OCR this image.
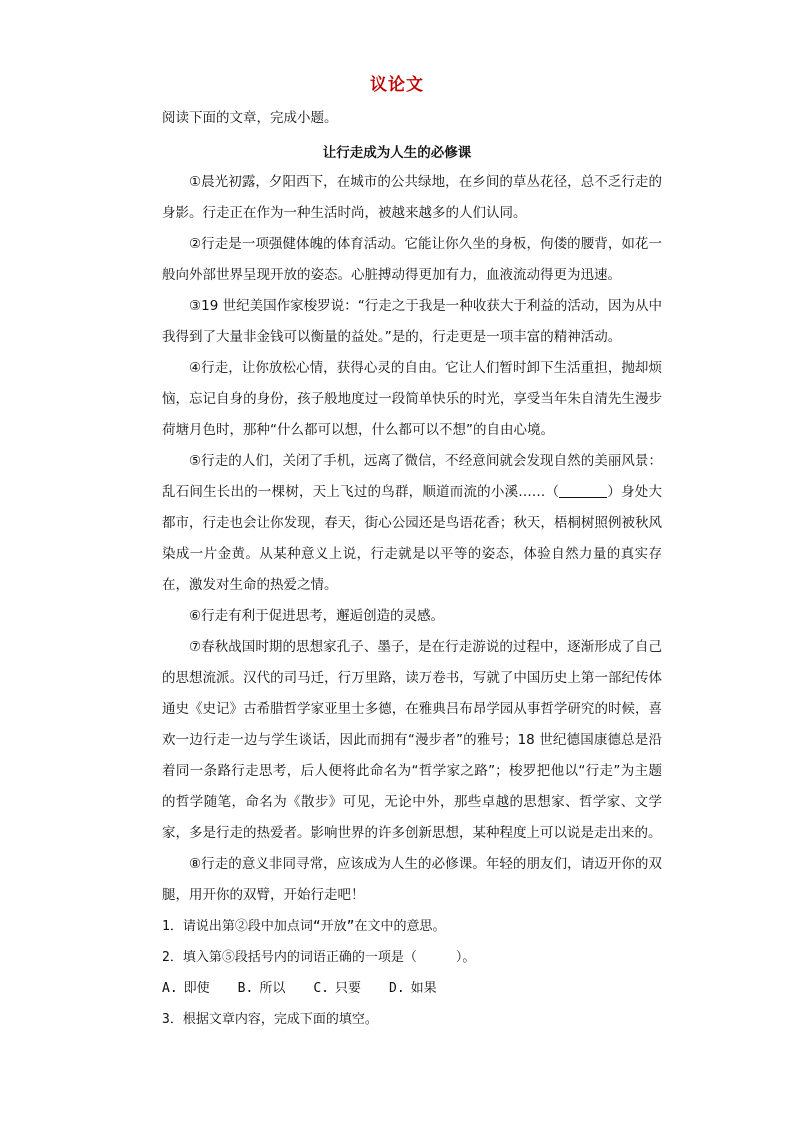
议论文
阅读下面的文章，完成小题。
让行走成为人生的必修课

①晨光初露，夕阳西下，在城市的公共绿地，在乡间的草丛花径，总不乏行走的身影。行走正在作为一种生活时尚，被越来越多的人们认同。

②行走是一项强健体魄的体育活动。它能让你久坐的身板，佝偻的腰背，如花一般向外部世界呈现开放的姿态。心脏搏动得更加有力，血液流动得更为迅速。

③19 世纪美国作家梭罗说：“行走之于我是一种收获大于利益的活动，因为从中我得到了大量非金钱可以衡量的益处。”是的，行走更是一项丰富的精神活动。

④行走，让你放松心情，获得心灵的自由。它让人们暂时卸下生活重担，抛却烦恼，忘记自身的身份，孩子般地度过一段简单快乐的时光，享受当年朱自清先生漫步荷塘月色时，那种“什么都可以想，什么都可以不想”的自由心境。

⑤行走的人们，关闭了手机，远离了微信，不经意间就会发现自然的美丽风景：乱石间生长出的一棵树，天上飞过的鸟群，顺道而流的小溪……（	）身处大都市，行走也会让你发现，春天，街心公园还是鸟语花香；秋天，梧桐树照例被秋风染成一片金黄。从某种意义上说，行走就是以平等的姿态，体验自然力量的真实存在，激发对生命的热爱之情。

⑥行走有利于促进思考，邂逅创造的灵感。

⑦春秋战国时期的思想家孔子、墨子，是在行走游说的过程中，逐渐形成了自己的思想流派。汉代的司马迁，行万里路，读万卷书，写就了中国历史上第一部纪传体通史《史记》古希腊哲学家亚里士多德，在雅典吕布昂学园从事哲学研究的时候，喜欢一边行走一边与学生谈话，因此而拥有“漫步者”的雅号；18 世纪德国康德总是沿着同一条路行走思考，后人便将此命名为“哲学家之路”；梭罗把他以“行走”为主题的哲学随笔，命名为《散步》可见，无论中外，那些卓越的思想家、哲学家、文学家，多是行走的热爱者。影响世界的许多创新思想，某种程度上可以说是走出来的。

⑧行走的意义非同寻常，应该成为人生的必修课。年轻的朋友们，请迈开你的双腿，用开你的双臂，开始行走吧！

1．请说出第②段中加点词“开放”在文中的意思。

2．填入第⑤段括号内的词语正确的一项是（　　　）。

A. 即使	B. 所以	C. 只要	D. 如果

3．根据文章内容，完成下面的填空。
